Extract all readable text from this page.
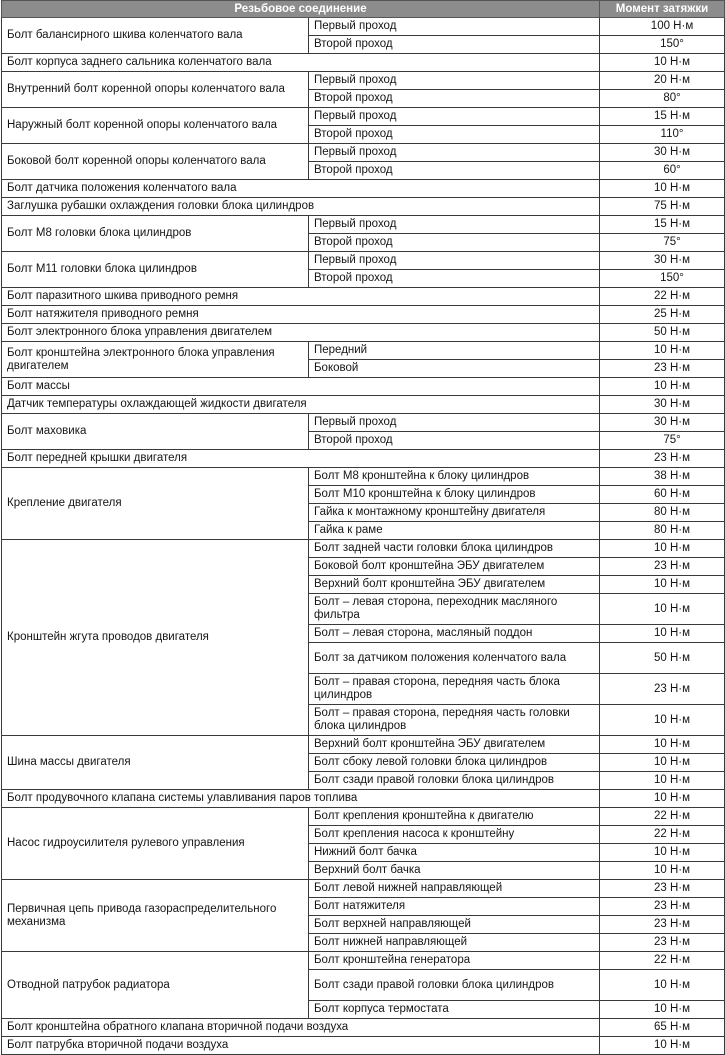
Резьбовое соединение		Момент затяжки
Болт балансирного шкива коленчатого вала	Первый проход	100 Н·м
	Второй проход	150°
Болт корпуса заднего сальника коленчатого вала		10 Н·м
Внутренний болт коренной опоры коленчатого вала	Первый проход	20 Н·м
	Второй проход	80°
Наружный болт коренной опоры коленчатого вала	Первый проход	15 Н·м
	Второй проход	110°
Боковой болт коренной опоры коленчатого вала	Первый проход	30 Н·м
	Второй проход	60°
Болт датчика положения коленчатого вала		10 Н·м
Заглушка рубашки охлаждения головки блока цилиндров		75 Н·м
Болт М8 головки блока цилиндров	Первый проход	15 Н·м
	Второй проход	75°
Болт М11 головки блока цилиндров	Первый проход	30 Н·м
	Второй проход	150°
Болт паразитного шкива приводного ремня		22 Н·м
Болт натяжителя приводного ремня		25 Н·м
Болт электронного блока управления двигателем		50 Н·м
Болт кронштейна электронного блока управления двигателем	Передний	10 Н·м
	Боковой	23 Н·м
Болт массы		10 Н·м
Датчик температуры охлаждающей жидкости двигателя		30 Н·м
Болт маховика	Первый проход	30 Н·м
	Второй проход	75°
Болт передней крышки двигателя		23 Н·м
Крепление двигателя	Болт М8 кронштейна к блоку цилиндров	38 Н·м
	Болт М10 кронштейна к блоку цилиндров	60 Н·м
	Гайка к монтажному кронштейну двигателя	80 Н·м
	Гайка к раме	80 Н·м
Кронштейн жгута проводов двигателя	Болт задней части головки блока цилиндров	10 Н·м
	Боковой болт кронштейна ЭБУ двигателем	23 Н·м
	Верхний болт кронштейна ЭБУ двигателем	10 Н·м
	Болт – левая сторона, переходник масляного фильтра	10 Н·м
	Болт – левая сторона, масляный поддон	10 Н·м
	Болт за датчиком положения коленчатого вала	50 Н·м
	Болт – правая сторона, передняя часть блока цилиндров	23 Н·м
	Болт – правая сторона, передняя часть головки блока цилиндров	10 Н·м
Шина массы двигателя	Верхний болт кронштейна ЭБУ двигателем	10 Н·м
	Болт сбоку левой головки блока цилиндров	10 Н·м
	Болт сзади правой головки блока цилиндров	10 Н·м
Болт продувочного клапана системы улавливания паров топлива		10 Н·м
Насос гидроусилителя рулевого управления	Болт крепления кронштейна к двигателю	22 Н·м
	Болт крепления насоса к кронштейну	22 Н·м
	Нижний болт бачка	10 Н·м
	Верхний болт бачка	10 Н·м
Первичная цепь привода газораспределительного механизма	Болт левой нижней направляющей	23 Н·м
	Болт натяжителя	23 Н·м
	Болт верхней направляющей	23 Н·м
	Болт нижней направляющей	23 Н·м
Отводной патрубок радиатора	Болт кронштейна генератора	22 Н·м
	Болт сзади правой головки блока цилиндров	10 Н·м
	Болт корпуса термостата	10 Н·м
Болт кронштейна обратного клапана вторичной подачи воздуха		65 Н·м
Болт патрубка вторичной подачи воздуха		10 Н·м
